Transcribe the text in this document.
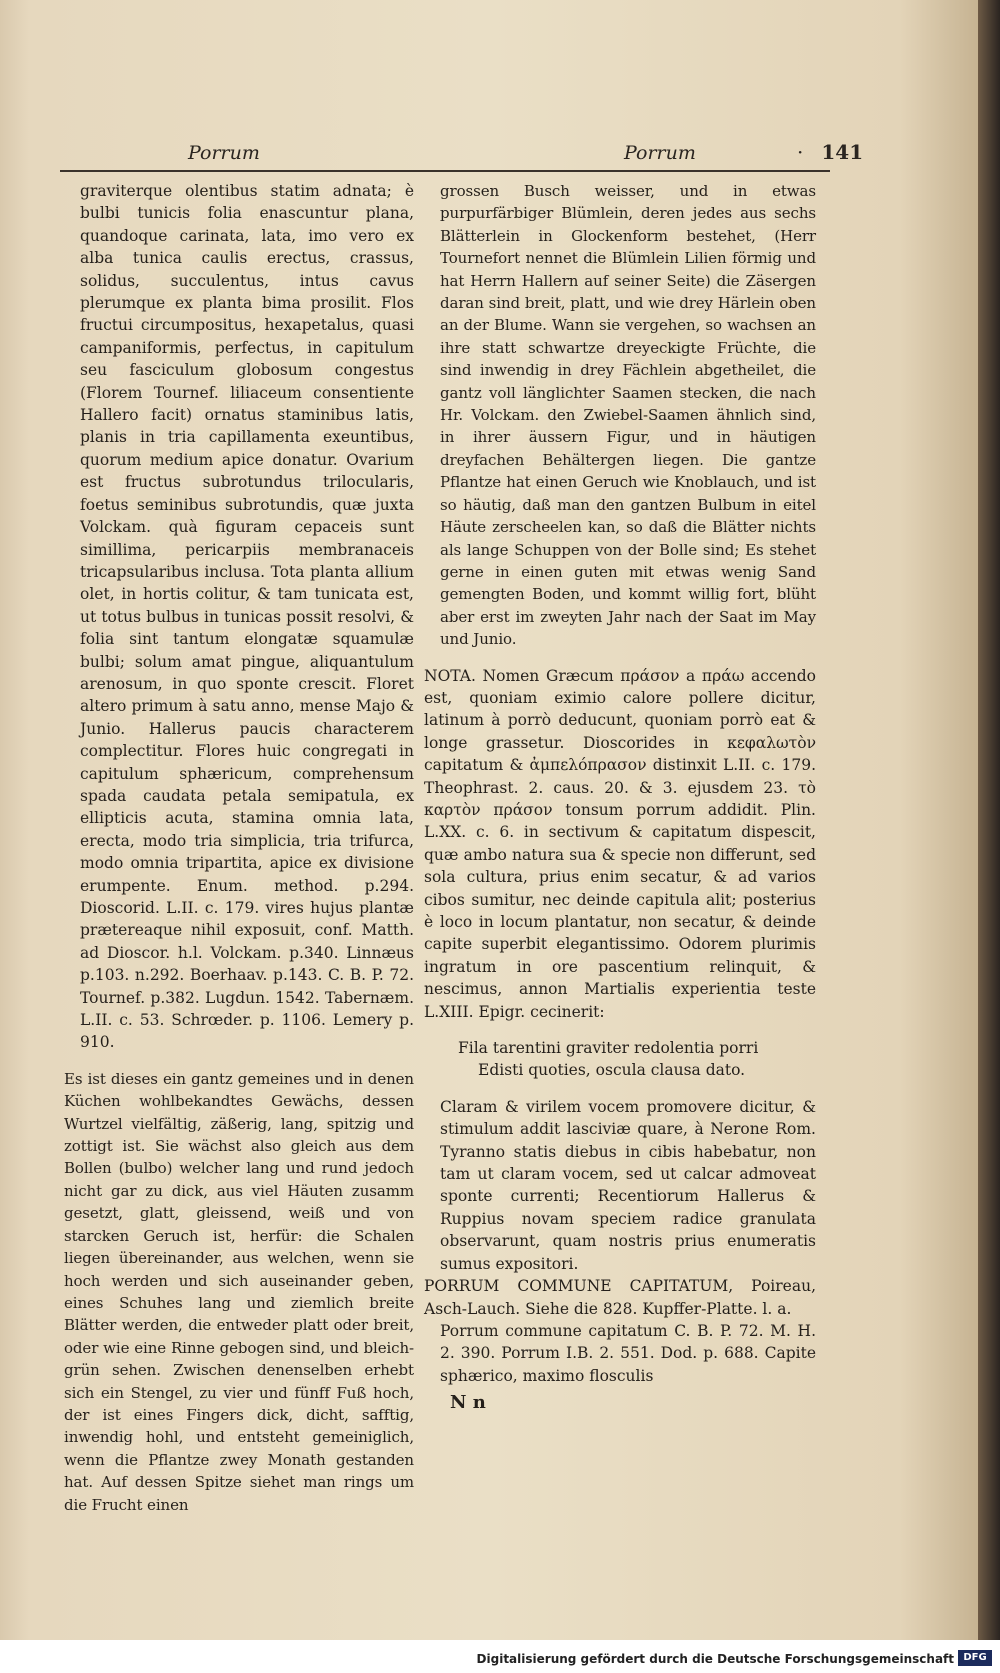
Porrum	Porrum	· 141

graviterque olentibus statim adnata; è bulbi tunicis folia enascuntur plana, quandoque carinata, lata, imo vero ex alba tunica caulis erectus, crassus, solidus, succulentus, intus cavus plerumque ex planta bima prosilit. Flos fructui circumpositus, hexapetalus, quasi campaniformis, perfectus, in capitulum seu fasciculum globosum congestus (Florem Tournef. liliaceum consentiente Hallero facit) ornatus staminibus latis, planis in tria capillamenta exeuntibus, quorum medium apice donatur. Ovarium est fructus subrotundus trilocularis, foetus seminibus subrotundis, quæ juxta Volckam. quà figuram cepaceis sunt simillima, pericarpiis membranaceis tricapsularibus inclusa. Tota planta allium olet, in hortis colitur, & tam tunicata est, ut totus bulbus in tunicas possit resolvi, & folia sint tantum elongatæ squamulæ bulbi; solum amat pingue, aliquantulum arenosum, in quo sponte crescit. Floret altero primum à satu anno, mense Majo & Junio. Hallerus paucis characterem complectitur. Flores huic congregati in capitulum sphæricum, comprehensum spada caudata petala semipatula, ex ellipticis acuta, stamina omnia lata, erecta, modo tria simplicia, tria trifurca, modo omnia tripartita, apice ex divisione erumpente. Enum. method. p.294. Dioscorid. L.II. c. 179. vires hujus plantæ prætereaque nihil exposuit, conf. Matth. ad Dioscor. h.l. Volckam. p.340. Linnæus p.103. n.292. Boerhaav. p.143. C. B. P. 72. Tournef. p.382. Lugdun. 1542. Tabernæm. L.II. c. 53. Schrœder. p. 1106. Lemery p. 910.

Es ist dieses ein gantz gemeines und in denen Küchen wohlbekandtes Gewächs, dessen Wurtzel vielfältig, zäßerig, lang, spitzig und zottigt ist. Sie wächst also gleich aus dem Bollen (bulbo) welcher lang und rund jedoch nicht gar zu dick, aus viel Häuten zusamm gesetzt, glatt, gleissend, weiß und von starcken Geruch ist, herfür: die Schalen liegen übereinander, aus welchen, wenn sie hoch werden und sich auseinander geben, eines Schuhes lang und ziemlich breite Blätter werden, die entweder platt oder breit, oder wie eine Rinne gebogen sind, und bleich-grün sehen. Zwischen denenselben erhebt sich ein Stengel, zu vier und fünff Fuß hoch, der ist eines Fingers dick, dicht, safftig, inwendig hohl, und entsteht gemeiniglich, wenn die Pflantze zwey Monath gestanden hat. Auf dessen Spitze siehet man rings um die Frucht einen

grossen Busch weisser, und in etwas purpurfärbiger Blümlein, deren jedes aus sechs Blätterlein in Glockenform bestehet, (Herr Tournefort nennet die Blümlein Lilien förmig und hat Herrn Hallern auf seiner Seite) die Zäsergen daran sind breit, platt, und wie drey Härlein oben an der Blume. Wann sie vergehen, so wachsen an ihre statt schwartze dreyeckigte Früchte, die sind inwendig in drey Fächlein abgetheilet, die gantz voll länglichter Saamen stecken, die nach Hr. Volckam. den Zwiebel-Saamen ähnlich sind, in ihrer äussern Figur, und in häutigen dreyfachen Behältergen liegen. Die gantze Pflantze hat einen Geruch wie Knoblauch, und ist so häutig, daß man den gantzen Bulbum in eitel Häute zerscheelen kan, so daß die Blätter nichts als lange Schuppen von der Bolle sind; Es stehet gerne in einen guten mit etwas wenig Sand gemengten Boden, und kommt willig fort, blüht aber erst im zweyten Jahr nach der Saat im May und Junio.

NOTA. Nomen Græcum πράσον a πράω accendo est, quoniam eximio calore pollere dicitur, latinum à porrò deducunt, quoniam porrò eat & longe grassetur. Dioscorides in κεφαλωτὸν capitatum & ἀμπελόπρασον distinxit L.II. c. 179. Theophrast. 2. caus. 20. & 3. ejusdem 23. τὸ καρτὸν πράσον tonsum porrum addidit. Plin. L.XX. c. 6. in sectivum & capitatum dispescit, quæ ambo natura sua & specie non differunt, sed sola cultura, prius enim secatur, & ad varios cibos sumitur, nec deinde capitula alit; posterius è loco in locum plantatur, non secatur, & deinde capite superbit elegantissimo. Odorem plurimis ingratum in ore pascentium relinquit, & nescimus, annon Martialis experientia teste L.XIII. Epigr. cecinerit:

Fila tarentini graviter redolentia porri

Edisti quoties, oscula clausa dato.

Claram & virilem vocem promovere dicitur, & stimulum addit lasciviæ quare, à Nerone Rom. Tyranno statis diebus in cibis habebatur, non tam ut claram vocem, sed ut calcar admoveat sponte currenti; Recentiorum Hallerus & Ruppius novam speciem radice granulata observarunt, quam nostris prius enumeratis sumus expositori.

PORRUM COMMUNE CAPITATUM, Poireau, Asch-Lauch. Siehe die 828. Kupffer-Platte. l. a.

Porrum commune capitatum C. B. P. 72. M. H. 2. 390. Porrum I.B. 2. 551. Dod. p. 688. Capite sphærico, maximo flosculis

N n
Digitalisierung gefördert durch die Deutsche Forschungsgemeinschaft DFG
